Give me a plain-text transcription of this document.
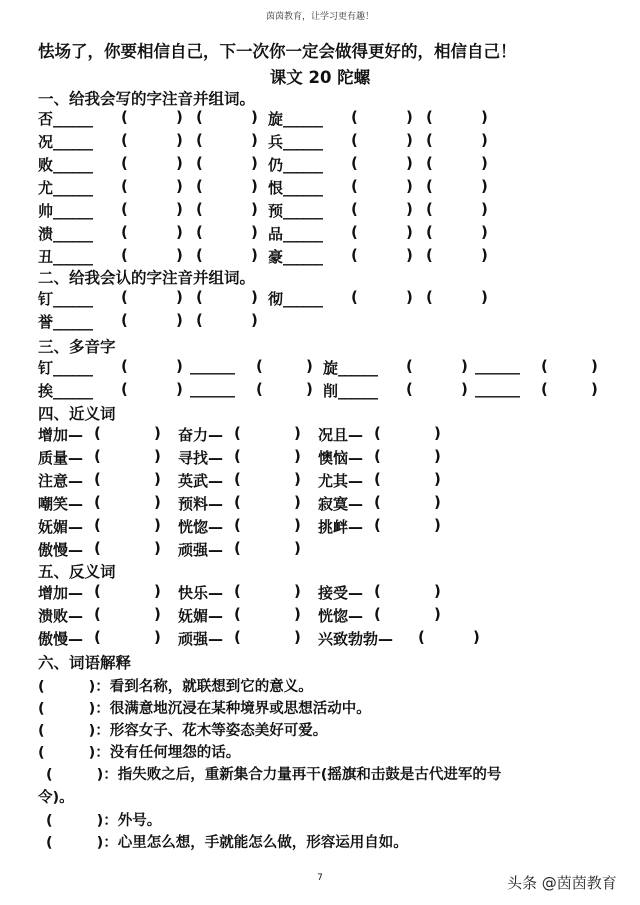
茵茵教育，让学习更有趣！
怯场了，你要相信自己，下一次你一定会做得更好的，相信自己！
课文 20 陀螺
一、给我会写的字注音并组词。
否______ (	) (	) 旋______ (	) (	)
况______ (	) (	) 兵______ (	) (	)
败______ (	) (	) 仍______ (	) (	)
尤______ (	) (	) 恨______ (	) (	)
帅______ (	) (	) 预______ (	) (	)
溃______ (	) (	) 品______ (	) (	)
丑______ (	) (	) 豪______ (	) (	)
二、给我会认的字注音并组词。
钉______ (	) (	) 彻______ (	) (	)
誉______ (	) (	)
三、多音字
钉______ (	) ______ (	) 旋______ (	) ______ (	)
挨______ (	) ______ (	) 削______ (	) ______ (	)
四、近义词
增加— (	) 奋力— (	) 况且— (	)
质量— (	) 寻找— (	) 懊恼— (	)
注意— (	) 英武— (	) 尤其— (	)
嘲笑— (	) 预料— (	) 寂寞— (	)
妩媚— (	) 恍惚— (	) 挑衅— (	)
傲慢— (	) 顽强— (	)
五、反义词
增加— (	) 快乐— (	) 接受— (	)
溃败— (	) 妩媚— (	) 恍惚— (	)
傲慢— (	) 顽强— (	) 兴致勃勃— (	)
六、词语解释
(	)：看到名称，就联想到它的意义。
(	)：很满意地沉浸在某种境界或思想活动中。
(	)：形容女子、花木等姿态美好可爱。
(	)：没有任何埋怨的话。
(	)：指失败之后，重新集合力量再干(摇旗和击鼓是古代进军的号
(	)：外号。
(	)：心里怎么想，手就能怎么做，形容运用自如。
令)。
7	头条 @茵茵教育
